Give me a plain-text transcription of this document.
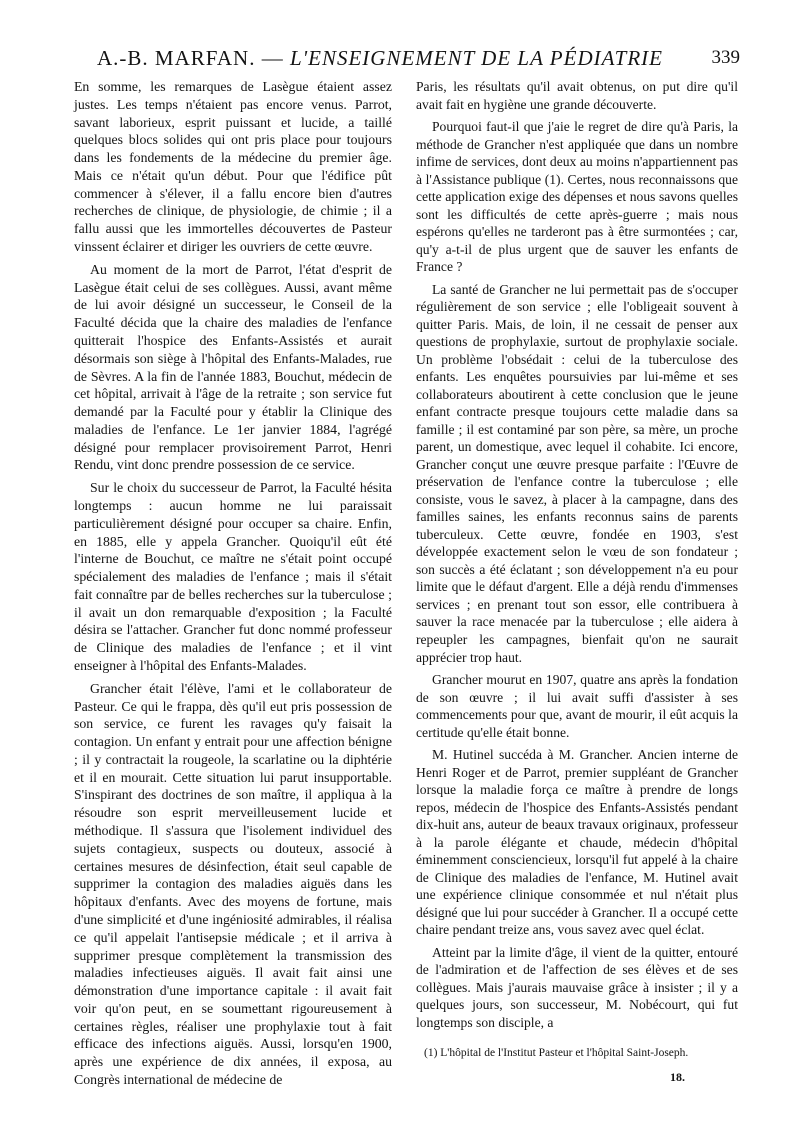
A.-B. MARFAN. — L'ENSEIGNEMENT DE LA PÉDIATRIE	339

En somme, les remarques de Lasègue étaient assez justes. Les temps n'étaient pas encore venus. Parrot, savant laborieux, esprit puissant et lucide, a taillé quelques blocs solides qui ont pris place pour toujours dans les fondements de la médecine du premier âge. Mais ce n'était qu'un début. Pour que l'édifice pût commencer à s'élever, il a fallu encore bien d'autres recherches de clinique, de physiologie, de chimie ; il a fallu aussi que les immortelles découvertes de Pasteur vinssent éclairer et diriger les ouvriers de cette œuvre.

Au moment de la mort de Parrot, l'état d'esprit de Lasègue était celui de ses collègues. Aussi, avant même de lui avoir désigné un successeur, le Conseil de la Faculté décida que la chaire des maladies de l'enfance quitterait l'hospice des Enfants-Assistés et aurait désormais son siège à l'hôpital des Enfants-Malades, rue de Sèvres. A la fin de l'année 1883, Bouchut, médecin de cet hôpital, arrivait à l'âge de la retraite ; son service fut demandé par la Faculté pour y établir la Clinique des maladies de l'enfance. Le 1er janvier 1884, l'agrégé désigné pour remplacer provisoirement Parrot, Henri Rendu, vint donc prendre possession de ce service.

Sur le choix du successeur de Parrot, la Faculté hésita longtemps : aucun homme ne lui paraissait particulièrement désigné pour occuper sa chaire. Enfin, en 1885, elle y appela Grancher. Quoiqu'il eût été l'interne de Bouchut, ce maître ne s'était point occupé spécialement des maladies de l'enfance ; mais il s'était fait connaître par de belles recherches sur la tuberculose ; il avait un don remarquable d'exposition ; la Faculté désira se l'attacher. Grancher fut donc nommé professeur de Clinique des maladies de l'enfance ; et il vint enseigner à l'hôpital des Enfants-Malades.

Grancher était l'élève, l'ami et le collaborateur de Pasteur. Ce qui le frappa, dès qu'il eut pris possession de son service, ce furent les ravages qu'y faisait la contagion. Un enfant y entrait pour une affection bénigne ; il y contractait la rougeole, la scarlatine ou la diphtérie et il en mourait. Cette situation lui parut insupportable. S'inspirant des doctrines de son maître, il appliqua à la résoudre son esprit merveilleusement lucide et méthodique. Il s'assura que l'isolement individuel des sujets contagieux, suspects ou douteux, associé à certaines mesures de désinfection, était seul capable de supprimer la contagion des maladies aiguës dans les hôpitaux d'enfants. Avec des moyens de fortune, mais d'une simplicité et d'une ingéniosité admirables, il réalisa ce qu'il appelait l'antisepsie médicale ; et il arriva à supprimer presque complètement la transmission des maladies infectieuses aiguës. Il avait fait ainsi une démonstration d'une importance capitale : il avait fait voir qu'on peut, en se soumettant rigoureusement à certaines règles, réaliser une prophylaxie tout à fait efficace des infections aiguës. Aussi, lorsqu'en 1900, après une expérience de dix années, il exposa, au Congrès international de médecine de

Paris, les résultats qu'il avait obtenus, on put dire qu'il avait fait en hygiène une grande découverte.

Pourquoi faut-il que j'aie le regret de dire qu'à Paris, la méthode de Grancher n'est appliquée que dans un nombre infime de services, dont deux au moins n'appartiennent pas à l'Assistance publique (1). Certes, nous reconnaissons que cette application exige des dépenses et nous savons quelles sont les difficultés de cette après-guerre ; mais nous espérons qu'elles ne tarderont pas à être surmontées ; car, qu'y a-t-il de plus urgent que de sauver les enfants de France ?

La santé de Grancher ne lui permettait pas de s'occuper régulièrement de son service ; elle l'obligeait souvent à quitter Paris. Mais, de loin, il ne cessait de penser aux questions de prophylaxie, surtout de prophylaxie sociale. Un problème l'obsédait : celui de la tuberculose des enfants. Les enquêtes poursuivies par lui-même et ses collaborateurs aboutirent à cette conclusion que le jeune enfant contracte presque toujours cette maladie dans sa famille ; il est contaminé par son père, sa mère, un proche parent, un domestique, avec lequel il cohabite. Ici encore, Grancher conçut une œuvre presque parfaite : l'Œuvre de préservation de l'enfance contre la tuberculose ; elle consiste, vous le savez, à placer à la campagne, dans des familles saines, les enfants reconnus sains de parents tuberculeux. Cette œuvre, fondée en 1903, s'est développée exactement selon le vœu de son fondateur ; son succès a été éclatant ; son développement n'a eu pour limite que le défaut d'argent. Elle a déjà rendu d'immenses services ; en prenant tout son essor, elle contribuera à sauver la race menacée par la tuberculose ; elle aidera à repeupler les campagnes, bienfait qu'on ne saurait apprécier trop haut.

Grancher mourut en 1907, quatre ans après la fondation de son œuvre ; il lui avait suffi d'assister à ses commencements pour que, avant de mourir, il eût acquis la certitude qu'elle était bonne.

M. Hutinel succéda à M. Grancher. Ancien interne de Henri Roger et de Parrot, premier suppléant de Grancher lorsque la maladie força ce maître à prendre de longs repos, médecin de l'hospice des Enfants-Assistés pendant dix-huit ans, auteur de beaux travaux originaux, professeur à la parole élégante et chaude, médecin d'hôpital éminemment consciencieux, lorsqu'il fut appelé à la chaire de Clinique des maladies de l'enfance, M. Hutinel avait une expérience clinique consommée et nul n'était plus désigné que lui pour succéder à Grancher. Il a occupé cette chaire pendant treize ans, vous savez avec quel éclat.

Atteint par la limite d'âge, il vient de la quitter, entouré de l'admiration et de l'affection de ses élèves et de ses collègues. Mais j'aurais mauvaise grâce à insister ; il y a quelques jours, son successeur, M. Nobécourt, qui fut longtemps son disciple, a

(1) L'hôpital de l'Institut Pasteur et l'hôpital Saint-Joseph.
18.
